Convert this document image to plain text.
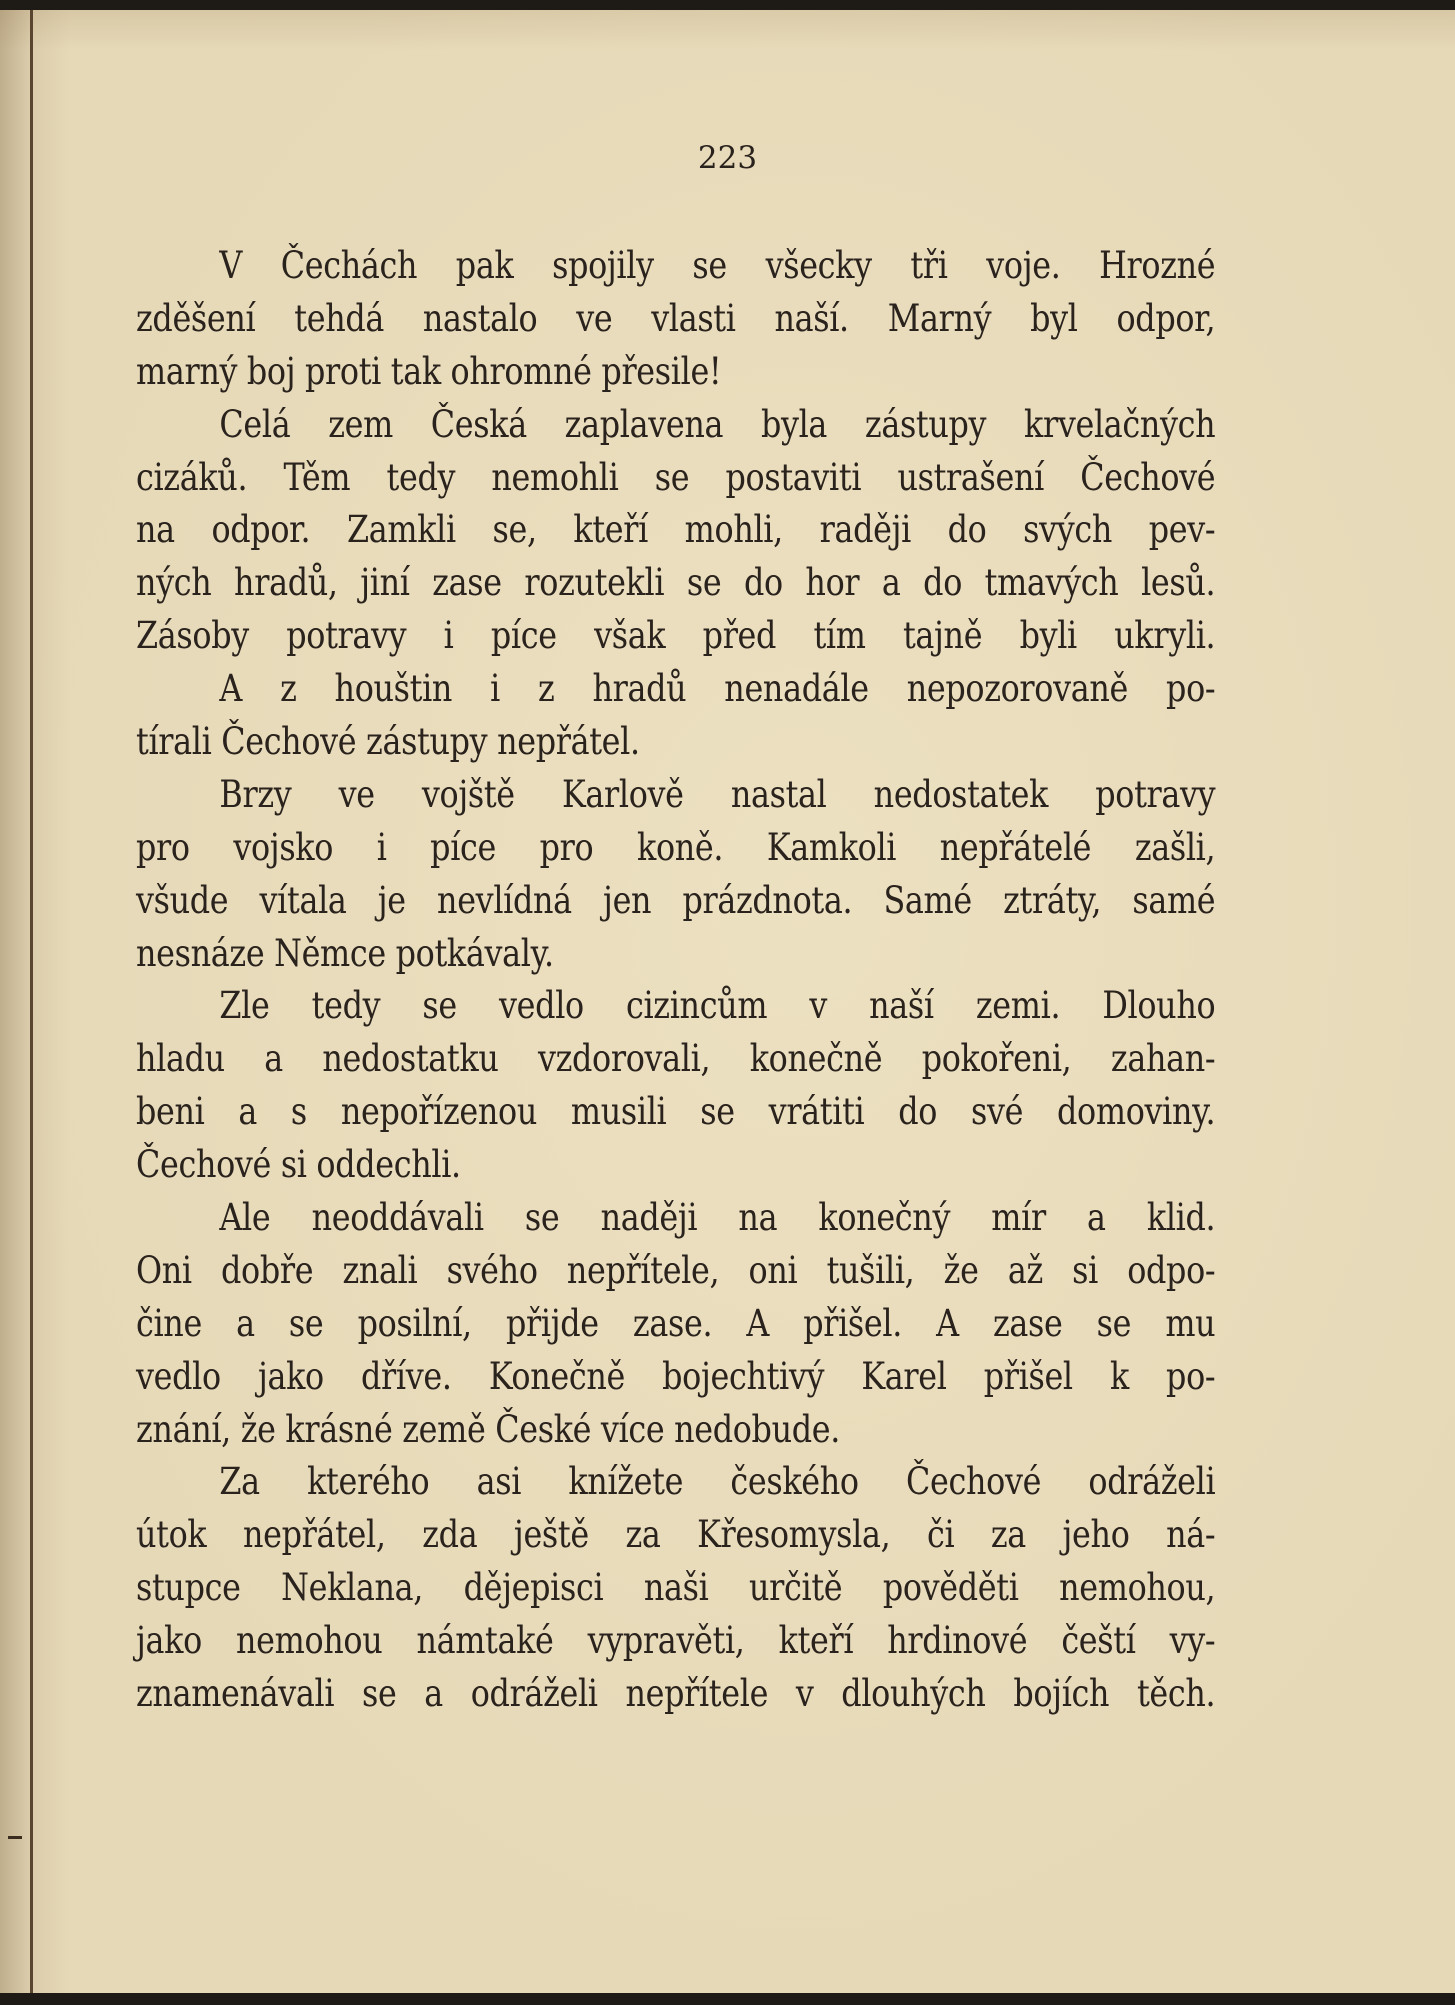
223
V Čechách pak spojily se všecky tři voje. Hrozné
zděšení tehdá nastalo ve vlasti naší. Marný byl odpor,
marný boj proti tak ohromné přesile!
Celá zem Česká zaplavena byla zástupy krvelačných
cizáků. Těm tedy nemohli se postaviti ustrašení Čechové
na odpor. Zamkli se, kteří mohli, raději do svých pev-
ných hradů, jiní zase rozutekli se do hor a do tmavých lesů.
Zásoby potravy i píce však před tím tajně byli ukryli.
A z houštin i z hradů nenadále nepozorovaně po-
tírali Čechové zástupy nepřátel.
Brzy ve vojště Karlově nastal nedostatek potravy
pro vojsko i píce pro koně. Kamkoli nepřátelé zašli,
všude vítala je nevlídná jen prázdnota. Samé ztráty, samé
nesnáze Němce potkávaly.
Zle tedy se vedlo cizincům v naší zemi. Dlouho
hladu a nedostatku vzdorovali, konečně pokořeni, zahan-
beni a s nepořízenou musili se vrátiti do své domoviny.
Čechové si oddechli.
Ale neoddávali se naději na konečný mír a klid.
Oni dobře znali svého nepřítele, oni tušili, že až si odpo-
čine a se posilní, přijde zase. A přišel. A zase se mu
vedlo jako dříve. Konečně bojechtivý Karel přišel k po-
znání, že krásné země České více nedobude.
Za kterého asi knížete českého Čechové odráželi
útok nepřátel, zda ještě za Křesomysla, či za jeho ná-
stupce Neklana, dějepisci naši určitě pověděti nemohou,
jako nemohou námtaké vypravěti, kteří hrdinové čeští vy-
znamenávali se a odráželi nepřítele v dlouhých bojích těch.
